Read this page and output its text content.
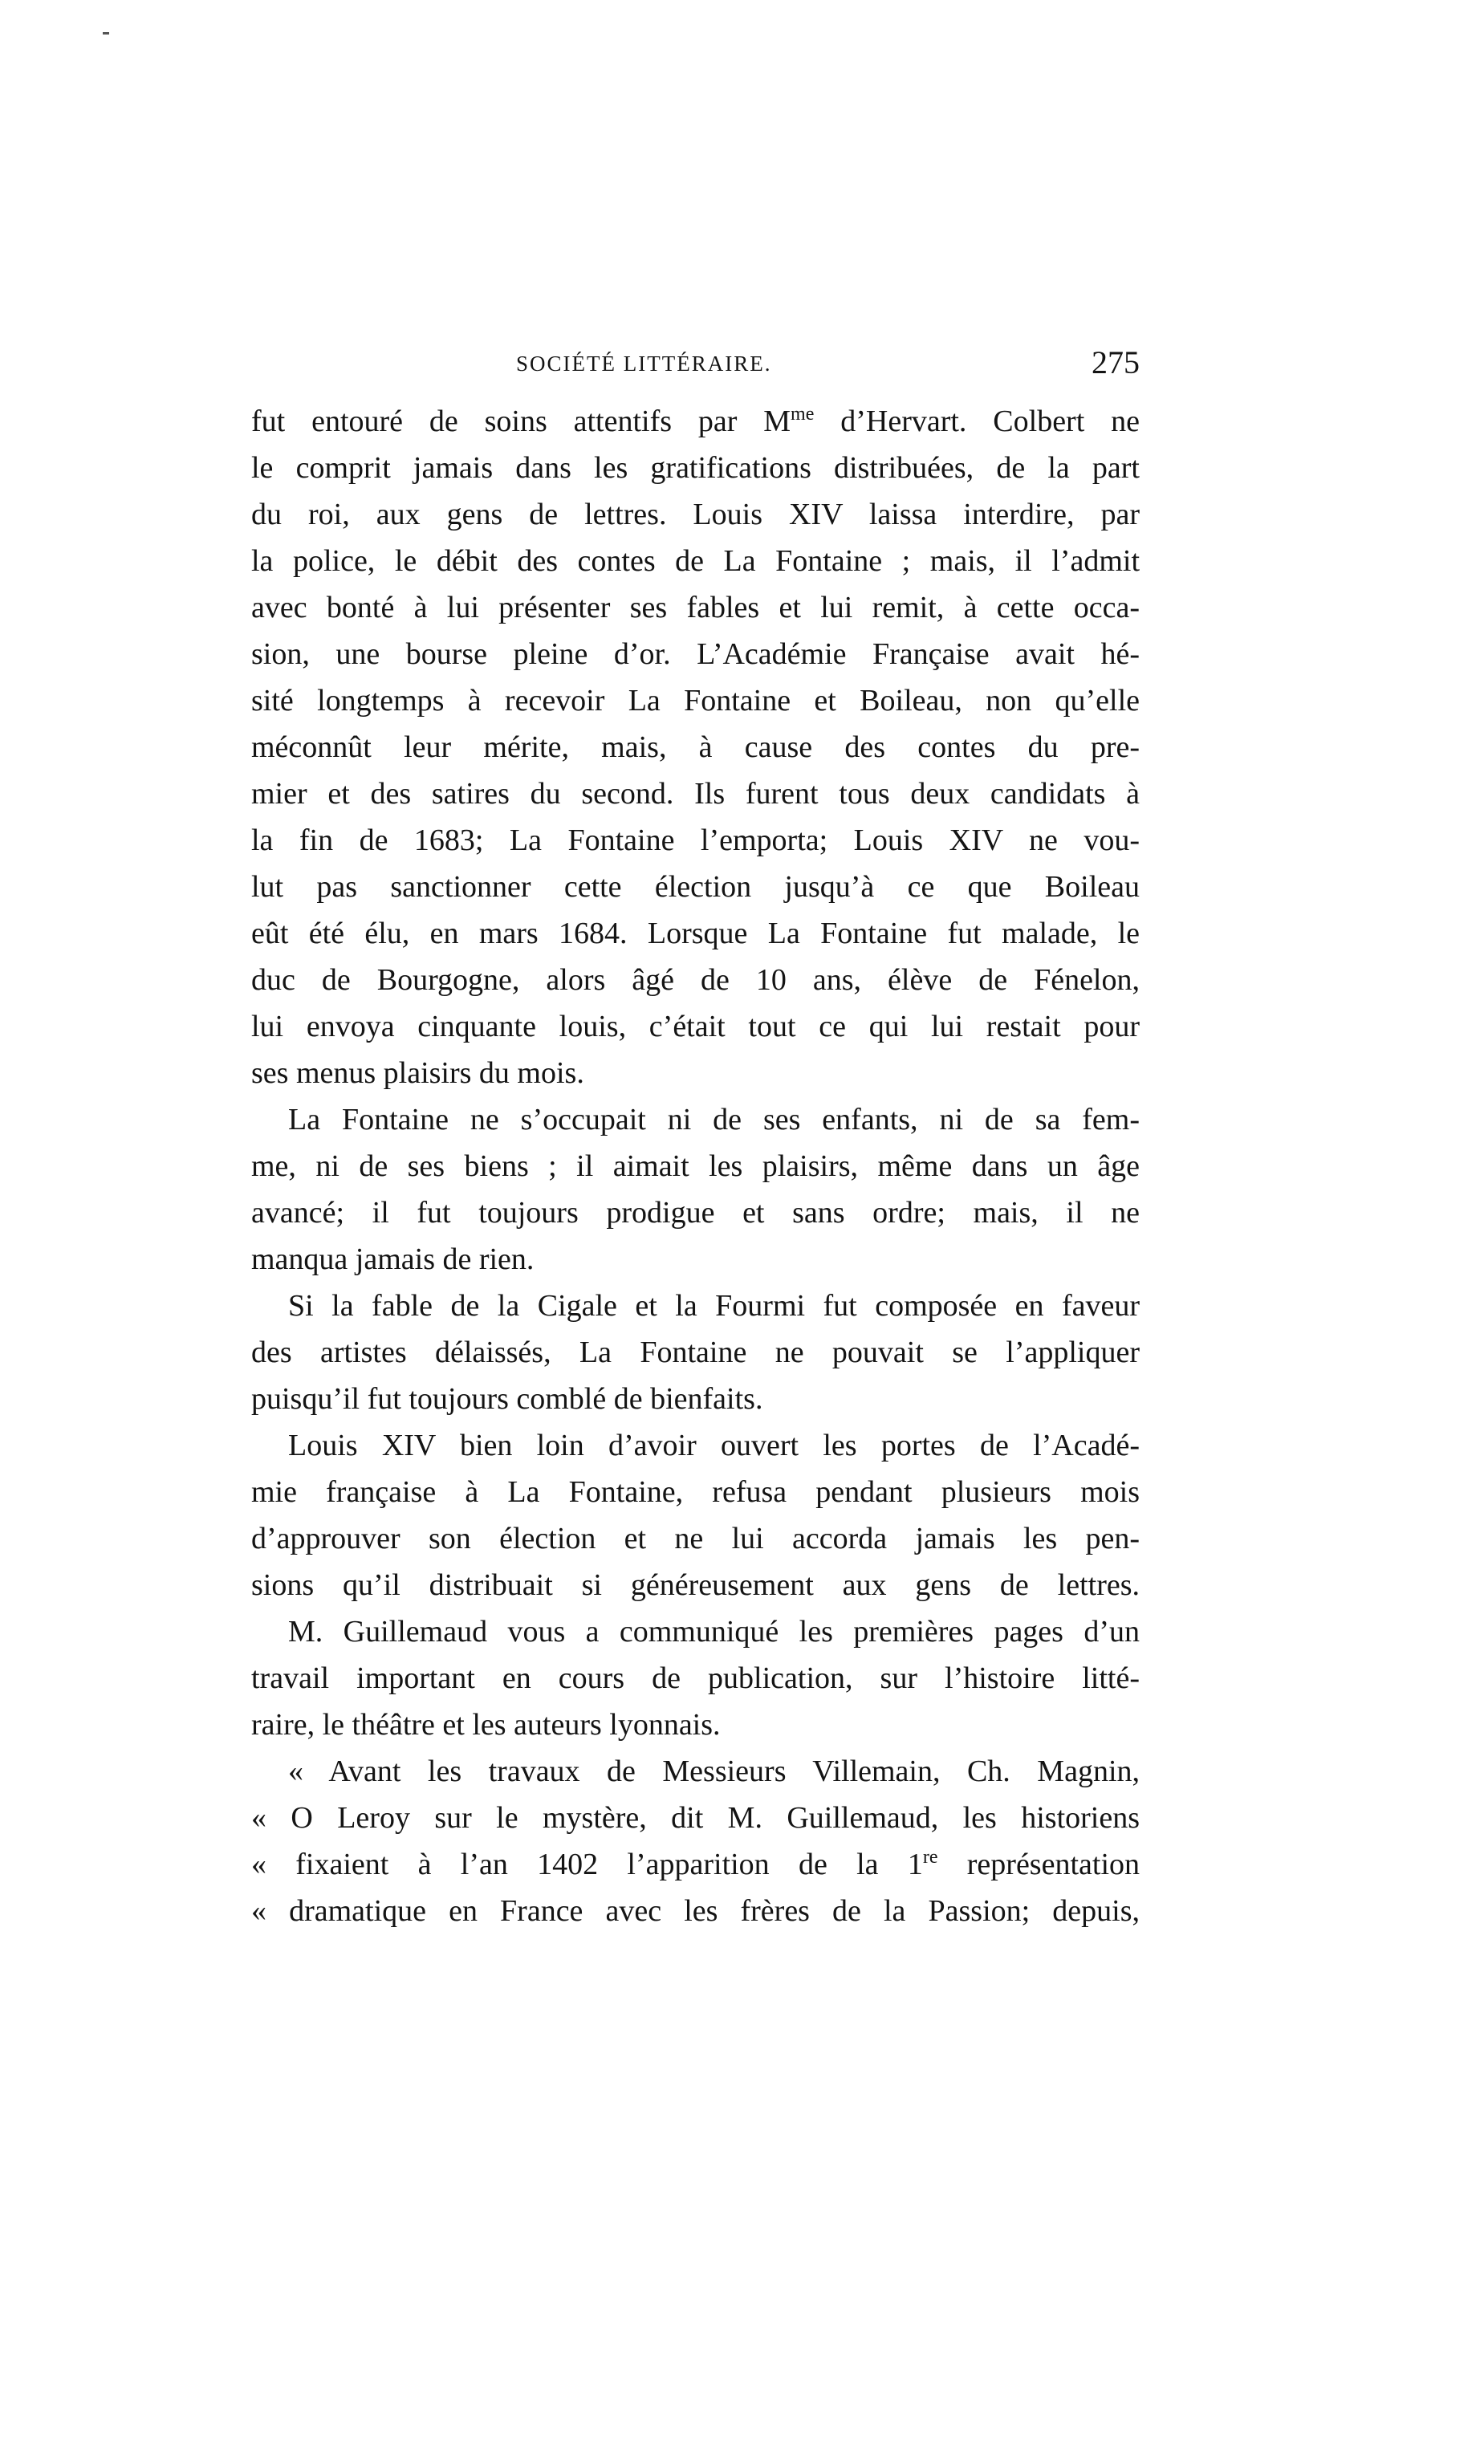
SOCIÉTÉ LITTÉRAIRE.	275
fut entouré de soins attentifs par $M^{me}$ d’Hervart. Colbert ne
le comprit jamais dans les gratifications distribuées, de la part
du roi, aux gens de lettres. Louis XIV laissa interdire, par
la police, le débit des contes de La Fontaine ; mais, il l’admit
avec bonté à lui présenter ses fables et lui remit, à cette occa-
sion, une bourse pleine d’or. L’Académie Française avait hé-
sité longtemps à recevoir La Fontaine et Boileau, non qu’elle
méconnût leur mérite, mais, à cause des contes du pre-
mier et des satires du second. Ils furent tous deux candidats à
la fin de 1683; La Fontaine l’emporta; Louis XIV ne vou-
lut pas sanctionner cette élection jusqu’à ce que Boileau
eût été élu, en mars 1684. Lorsque La Fontaine fut malade, le
duc de Bourgogne, alors âgé de 10 ans, élève de Fénelon,
lui envoya cinquante louis, c’était tout ce qui lui restait pour
ses menus plaisirs du mois.
La Fontaine ne s’occupait ni de ses enfants, ni de sa fem-
me, ni de ses biens ; il aimait les plaisirs, même dans un âge
avancé; il fut toujours prodigue et sans ordre; mais, il ne
manqua jamais de rien.
Si la fable de la Cigale et la Fourmi fut composée en faveur
des artistes délaissés, La Fontaine ne pouvait se l’appliquer
puisqu’il fut toujours comblé de bienfaits.
Louis XIV bien loin d’avoir ouvert les portes de l’Acadé-
mie française à La Fontaine, refusa pendant plusieurs mois
d’approuver son élection et ne lui accorda jamais les pen-
sions qu’il distribuait si généreusement aux gens de lettres.
M. Guillemaud vous a communiqué les premières pages d’un
travail important en cours de publication, sur l’histoire litté-
raire, le théâtre et les auteurs lyonnais.
« Avant les travaux de Messieurs Villemain, Ch. Magnin,
« O Leroy sur le mystère, dit M. Guillemaud, les historiens
« fixaient à l’an 1402 l’apparition de la 1re représentation
« dramatique en France avec les frères de la Passion; depuis,
